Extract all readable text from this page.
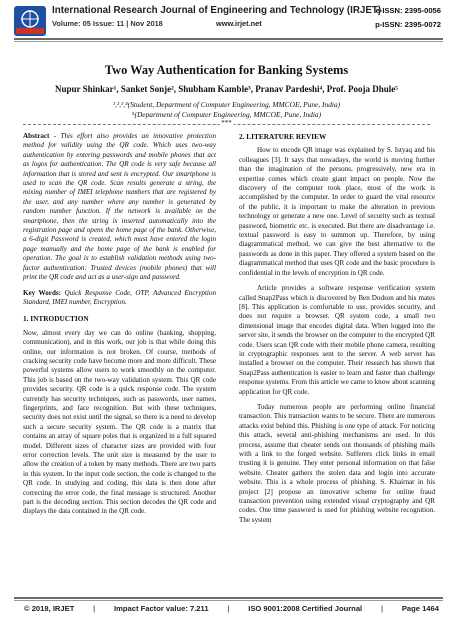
International Research Journal of Engineering and Technology (IRJET)
Volume: 05 Issue: 11 | Nov 2018	www.irjet.net
e-ISSN: 2395-0056
p-ISSN: 2395-0072
Two Way Authentication for Banking Systems
Nupur Shinkar¹, Sanket Sonje², Shubham Kamble³, Pranav Pardeshi⁴, Prof. Pooja Dhule⁵
¹,²,³,⁴(Student, Department of Computer Engineering, MMCOE, Pune, India)
⁵(Department of Computer Engineering, MMCOE, Pune, India)
***

Abstract - This effort also provides an innovative protection method for validity using the QR code. Which uses two-way authentication by entering passwords and mobile phones that act as logos for authentication. The QR code is very safe because all information that is stored and sent is encrypted. Our smartphone is used to scan the QR code. Scan results generate a string, the mixing number of IMEI telephone numbers that are registered by the user, and any number where any number is generated by random number function. If the network is available on the smartphone, then the string is inserted automatically into the registration page and opens the home page of the bank. Otherwise, a 6-digit Password is created, which must have entered the login page manually and the home page of the bank is enabled for operation. The goal is to establish validation methods using two-factor authentication: Trusted devices (mobile phones) that will print the QR code and act as a user-sign and password.

Key Words: Quick Response Code, OTP, Advanced Encryption Standard, IMEI number, Encryption.

1. INTRODUCTION

Now, almost every day we can do online (banking, shopping, communication), and in this work, our job is that while doing this online, our information is not broken. Of course, methods of cracking security code have become more and more difficult. These powerful systems allow users to work smoothly on the computer. This job is based on the two-way validation system. This QR code provides security. QR code is a quick response code. The system currently has security techniques, such as passwords, user names, fingerprints, and face recognition. But with these techniques, security does not exist until the signal, so there is a need to develop such a secure security system. The QR code is a matrix that contains an array of square poles that is organized in a full squared model. Different sizes of character sizes are provided with four error correction levels. The unit size is measured by the user to allow the creation of a token by many methods. There are two parts in this system. In the input code section, the code is changed to the QR code. In studying and coding, this data is then done after correcting the error code, the final message is structured. Another part is the decoding section. This section decodes the QR code and displays the data contained in the QR code.

2. LITERATURE REVIEW

How to encode QR image was explained by S. Istyaq and his colleagues [3]. It says that nowadays, the world is moving further than the imagination of the persons, progressively, new era in expertise comes which create giant impact on people. Now the discovery of the computer took place, most of the work is accomplished by the computer. In order to guard the vital resource of the public, it is important to make the alteration in previous technology or generate a new one. Level of security such as textual password, biometric etc. is executed. But there are disadvantage i.e. textual password is easy to summon up. Therefore, by using diagrammatical method, we can give the best alternative to the passwords as done in this paper. They offered a system based on the diagrammatical method that uses QR code and the basic procedure is confidential in the levels of encryption in QR code.

Article provides a software response verification system called Snap2Pass which is discovered by Ben Dodson and his mates [8]. This application is comfortable to use, provides security, and does not require a browser. QR system code, a small two dimensional image that encodes digital data. When logged into the server site, it sends the browser on the computer to the encrypted QR code. Users scan QR code with their mobile phone camera, resulting in cryptographic responses sent to the server. A web server has installed a browser on the computer. Their research has shown that Snap2Pass authentication is easier to learn and faster than challenge response systems. From this article we came to know about scanning application for QR code.

Today numerous people are performing online financial transaction. This transaction wants to be secure. There are numerous attacks exist behind this. Phishing is one type of attack. For noticing this attack, several anti-phishing mechanisms are used. In this process, assume that cheater sends out thousands of phishing mails with a link to the forged website. Sufferers click links in email trusting it is genuine. They enter personal information on that false website. Cheater gathers the stolen data and login into accurate website. This is a whole process of phishing. S. Khairnar in his project [2] propose an innovative scheme for online fraud transaction prevention using extended visual cryptography and QR codes. One time password is used for phishing website recognition. The system

© 2018, IRJET | Impact Factor value: 7.211 | ISO 9001:2008 Certified Journal | Page 1464
